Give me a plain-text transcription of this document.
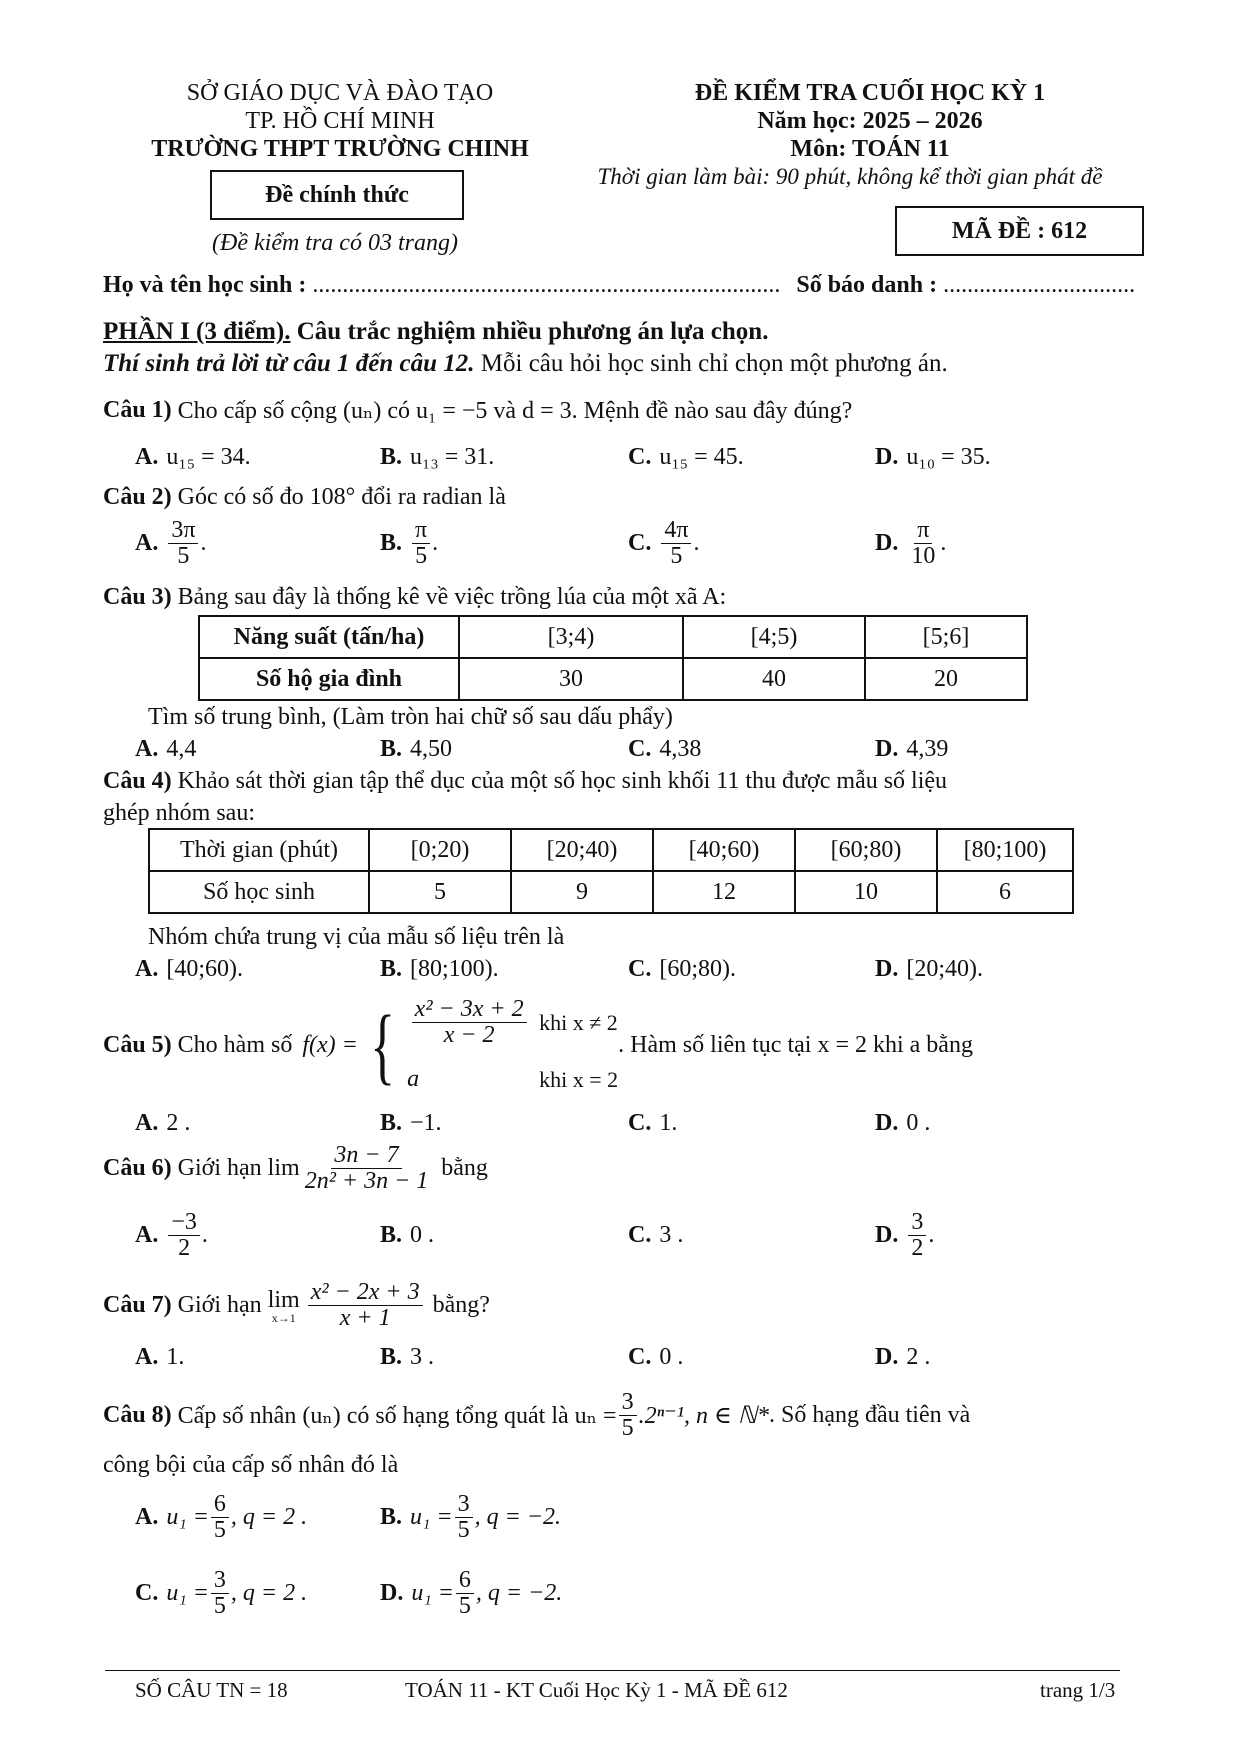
SỞ GIÁO DỤC VÀ ĐÀO TẠO
TP. HỒ CHÍ MINH
TRƯỜNG THPT TRƯỜNG CHINH
Đề chính thức
(Đề kiểm tra có 03 trang)
ĐỀ KIỂM TRA CUỐI HỌC KỲ 1
Năm học: 2025 – 2026
Môn: TOÁN 11
Thời gian làm bài: 90 phút, không kể thời gian phát đề
MÃ ĐỀ : 612
Họ và tên học sinh : .............................................................................. Số báo danh : ................................
PHẦN I (3 điểm). Câu trắc nghiệm nhiều phương án lựa chọn.
Thí sinh trả lời từ câu 1 đến câu 12. Mỗi câu hỏi học sinh chỉ chọn một phương án.
Câu 1) Cho cấp số cộng (uₙ) có u₁ = −5 và d = 3. Mệnh đề nào sau đây đúng?
A. u₁₅ = 34.	B. u₁₃ = 31.	C. u₁₅ = 45.	D. u₁₀ = 35.
Câu 2) Góc có số đo 108° đổi ra radian là
A. $\frac{3\pi}{5}$ .	B. $\frac{\pi}{5}$ .	C. $\frac{4\pi}{5}$ .	D. $\frac{\pi}{10}$ .
Câu 3) Bảng sau đây là thống kê về việc trồng lúa của một xã A:
Năng suất (tấn/ha)	[3;4)	[4;5)	[5;6]
Số hộ gia đình	30	40	20
Tìm số trung bình, (Làm tròn hai chữ số sau dấu phẩy)
A. 4,4	B. 4,50	C. 4,38	D. 4,39
Câu 4) Khảo sát thời gian tập thể dục của một số học sinh khối 11 thu được mẫu số liệu
ghép nhóm sau:
Thời gian (phút)	[0;20)	[20;40)	[40;60)	[60;80)	[80;100)
Số học sinh	5	9	12	10	6
Nhóm chứa trung vị của mẫu số liệu trên là
A. [40;60).	B. [80;100).	C. [60;80).	D. [20;40).
Câu 5) Cho hàm số f(x) = { $\frac{\text{x² − 3x + 2}}{x - 2}$ khi x ≠ 2
a	khi x = 2
. Hàm số liên tục tại x = 2 khi a bằng
A. 2 .	B. −1.	C. 1.	D. 0 .
Câu 6) Giới hạn $\lim \frac{3n - 7}{\text{2n² + 3n − 1}}$ bằng
A. $\frac{-3}{2}$ .	B. 0 .	C. 3 .	D. $\frac{3}{2}$ .
Câu 7) Giới hạn lim
$x\to 1 \frac{\text{x² − 2x + 3}}{x + 1}$ bằng?
A. 1.	B. 3 .	C. 0 .	D. 2 .
Câu 8) Cấp số nhân (uₙ) có số hạng tổng quát là $u_n = \frac{3}{5} .2^{n-1}$, n ∈ ℕ* . Số hạng đầu tiên và
công bội của cấp số nhân đó là
A. $u_1 = \frac{6}{5}$ , q = 2 .	B. $u_1 = \frac{3}{5}$ , q = −2.
C. $u_1 = \frac{3}{5}$ , q = 2 .	D. $u_1 = \frac{6}{5}$ , q = −2.
SỐ CÂU TN = 18	TOÁN 11 - KT Cuối Học Kỳ 1 - MÃ ĐỀ 612	trang 1/3
